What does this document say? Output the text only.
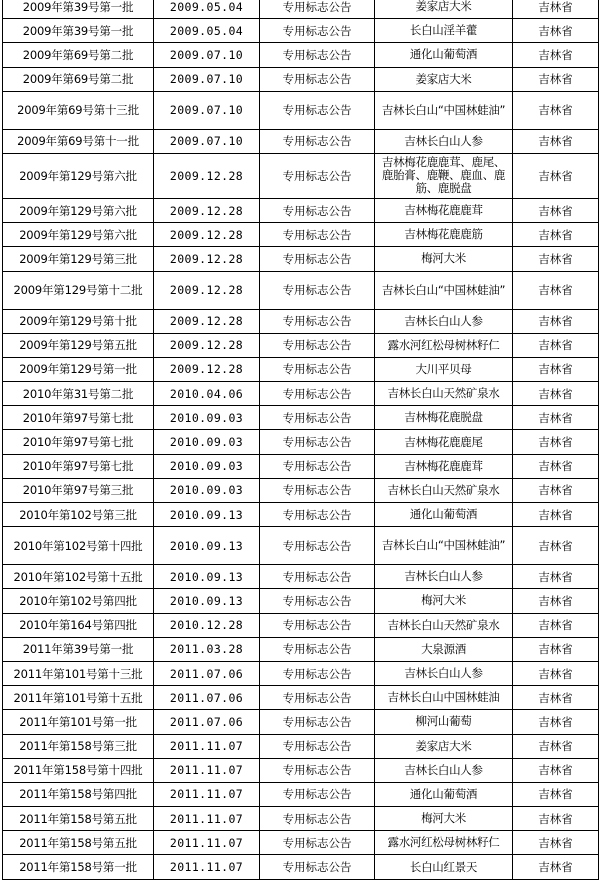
2009年第39号第一批	2009.05.04	专用标志公告	姜家店大米	吉林省
2009年第39号第一批	2009.05.04	专用标志公告	长白山淫羊藿	吉林省
2009年第69号第二批	2009.07.10	专用标志公告	通化山葡萄酒	吉林省
2009年第69号第二批	2009.07.10	专用标志公告	姜家店大米	吉林省
2009年第69号第十三批	2009.07.10	专用标志公告	吉林长白山“中国林蛙油”	吉林省
2009年第69号第十一批	2009.07.10	专用标志公告	吉林长白山人参	吉林省
2009年第129号第六批	2009.12.28	专用标志公告	吉林梅花鹿鹿茸、鹿尾、鹿胎膏、鹿鞭、鹿血、鹿筋、鹿脱盘	吉林省
2009年第129号第六批	2009.12.28	专用标志公告	吉林梅花鹿鹿茸	吉林省
2009年第129号第六批	2009.12.28	专用标志公告	吉林梅花鹿鹿筋	吉林省
2009年第129号第三批	2009.12.28	专用标志公告	梅河大米	吉林省
2009年第129号第十二批	2009.12.28	专用标志公告	吉林长白山“中国林蛙油”	吉林省
2009年第129号第十批	2009.12.28	专用标志公告	吉林长白山人参	吉林省
2009年第129号第五批	2009.12.28	专用标志公告	露水河红松母树林籽仁	吉林省
2009年第129号第一批	2009.12.28	专用标志公告	大川平贝母	吉林省
2010年第31号第二批	2010.04.06	专用标志公告	吉林长白山天然矿泉水	吉林省
2010年第97号第七批	2010.09.03	专用标志公告	吉林梅花鹿脱盘	吉林省
2010年第97号第七批	2010.09.03	专用标志公告	吉林梅花鹿鹿尾	吉林省
2010年第97号第七批	2010.09.03	专用标志公告	吉林梅花鹿鹿茸	吉林省
2010年第97号第三批	2010.09.03	专用标志公告	吉林长白山天然矿泉水	吉林省
2010年第102号第三批	2010.09.13	专用标志公告	通化山葡萄酒	吉林省
2010年第102号第十四批	2010.09.13	专用标志公告	吉林长白山“中国林蛙油”	吉林省
2010年第102号第十五批	2010.09.13	专用标志公告	吉林长白山人参	吉林省
2010年第102号第四批	2010.09.13	专用标志公告	梅河大米	吉林省
2010年第164号第四批	2010.12.28	专用标志公告	吉林长白山天然矿泉水	吉林省
2011年第39号第一批	2011.03.28	专用标志公告	大泉源酒	吉林省
2011年第101号第十三批	2011.07.06	专用标志公告	吉林长白山人参	吉林省
2011年第101号第十五批	2011.07.06	专用标志公告	吉林长白山中国林蛙油	吉林省
2011年第101号第一批	2011.07.06	专用标志公告	柳河山葡萄	吉林省
2011年第158号第三批	2011.11.07	专用标志公告	姜家店大米	吉林省
2011年第158号第十四批	2011.11.07	专用标志公告	吉林长白山人参	吉林省
2011年第158号第四批	2011.11.07	专用标志公告	通化山葡萄酒	吉林省
2011年第158号第五批	2011.11.07	专用标志公告	梅河大米	吉林省
2011年第158号第五批	2011.11.07	专用标志公告	露水河红松母树林籽仁	吉林省
2011年第158号第一批	2011.11.07	专用标志公告	长白山红景天	吉林省
